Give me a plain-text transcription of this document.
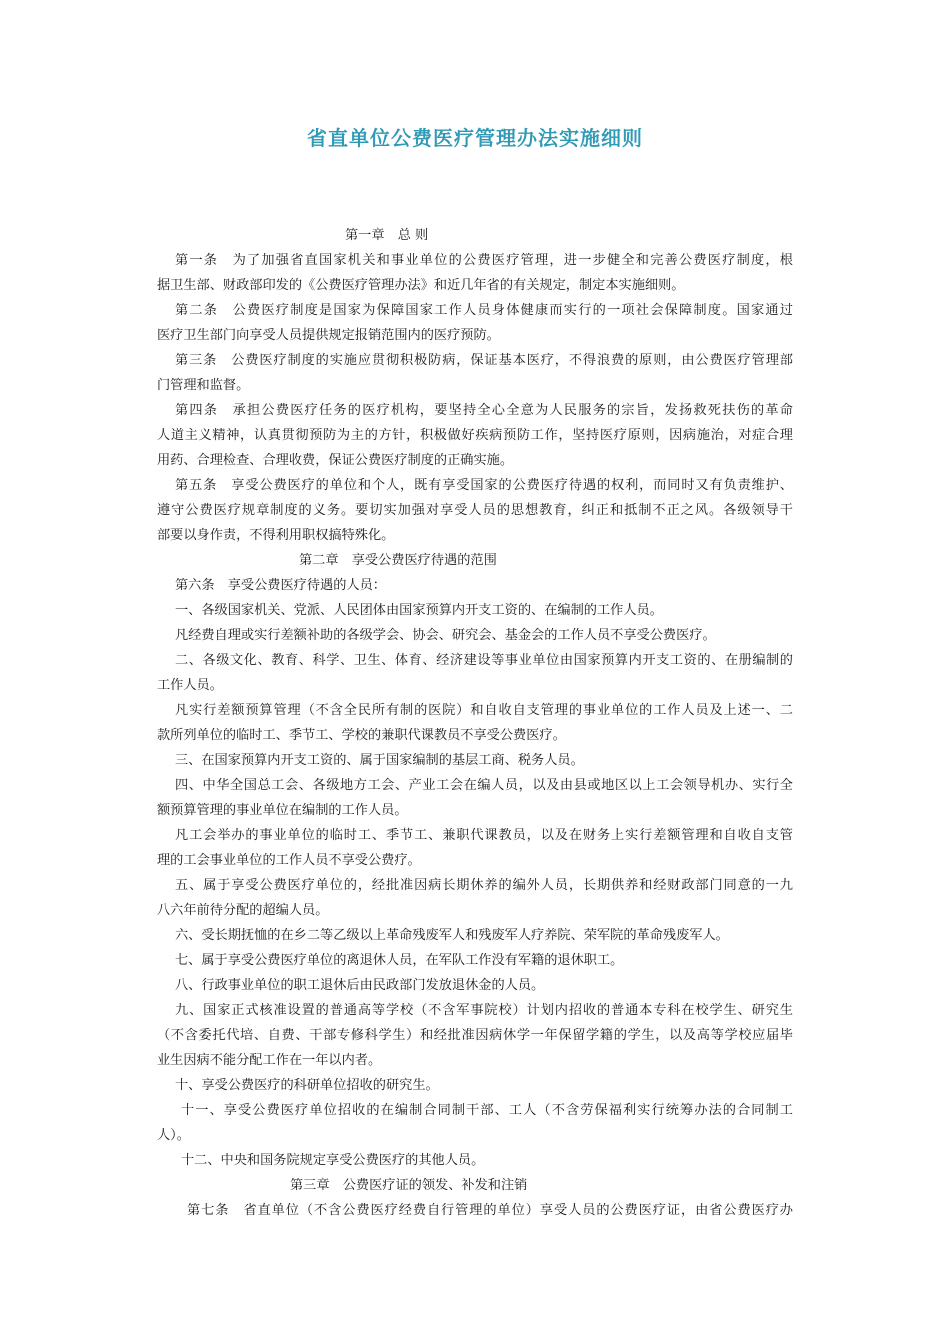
省直单位公费医疗管理办法实施细则
第一章　总 则
第一条　为了加强省直国家机关和事业单位的公费医疗管理，进一步健全和完善公费医疗制度，根
据卫生部、财政部印发的《公费医疗管理办法》和近几年省的有关规定，制定本实施细则。
第二条　公费医疗制度是国家为保障国家工作人员身体健康而实行的一项社会保障制度。国家通过
医疗卫生部门向享受人员提供规定报销范围内的医疗预防。
第三条　公费医疗制度的实施应贯彻积极防病，保证基本医疗，不得浪费的原则，由公费医疗管理部
门管理和监督。
第四条　承担公费医疗任务的医疗机构，要坚持全心全意为人民服务的宗旨，发扬救死扶伤的革命
人道主义精神，认真贯彻预防为主的方针，积极做好疾病预防工作，坚持医疗原则，因病施治，对症合理
用药、合理检查、合理收费，保证公费医疗制度的正确实施。
第五条　享受公费医疗的单位和个人，既有享受国家的公费医疗待遇的权利，而同时又有负责维护、
遵守公费医疗规章制度的义务。要切实加强对享受人员的思想教育，纠正和抵制不正之风。各级领导干
部要以身作责，不得利用职权搞特殊化。
第二章　享受公费医疗待遇的范围
第六条　享受公费医疗待遇的人员：
一、各级国家机关、党派、人民团体由国家预算内开支工资的、在编制的工作人员。
凡经费自理或实行差额补助的各级学会、协会、研究会、基金会的工作人员不享受公费医疗。
二、各级文化、教育、科学、卫生、体育、经济建设等事业单位由国家预算内开支工资的、在册编制的
工作人员。
凡实行差额预算管理（不含全民所有制的医院）和自收自支管理的事业单位的工作人员及上述一、二
款所列单位的临时工、季节工、学校的兼职代课教员不享受公费医疗。
三、在国家预算内开支工资的、属于国家编制的基层工商、税务人员。
四、中华全国总工会、各级地方工会、产业工会在编人员，以及由县或地区以上工会领导机办、实行全
额预算管理的事业单位在编制的工作人员。
凡工会举办的事业单位的临时工、季节工、兼职代课教员，以及在财务上实行差额管理和自收自支管
理的工会事业单位的工作人员不享受公费疗。
五、属于享受公费医疗单位的，经批准因病长期休养的编外人员，长期供养和经财政部门同意的一九
八六年前待分配的超编人员。
六、受长期抚恤的在乡二等乙级以上革命残废军人和残废军人疗养院、荣军院的革命残废军人。
七、属于享受公费医疗单位的离退休人员，在军队工作没有军籍的退休职工。
八、行政事业单位的职工退休后由民政部门发放退休金的人员。
九、国家正式核准设置的普通高等学校（不含军事院校）计划内招收的普通本专科在校学生、研究生
（不含委托代培、自费、干部专修科学生）和经批准因病休学一年保留学籍的学生，以及高等学校应届毕
业生因病不能分配工作在一年以内者。
十、享受公费医疗的科研单位招收的研究生。
十一、享受公费医疗单位招收的在编制合同制干部、工人（不含劳保福利实行统筹办法的合同制工
人）。
十二、中央和国务院规定享受公费医疗的其他人员。
第三章　公费医疗证的领发、补发和注销
第七条　省直单位（不含公费医疗经费自行管理的单位）享受人员的公费医疗证，由省公费医疗办
